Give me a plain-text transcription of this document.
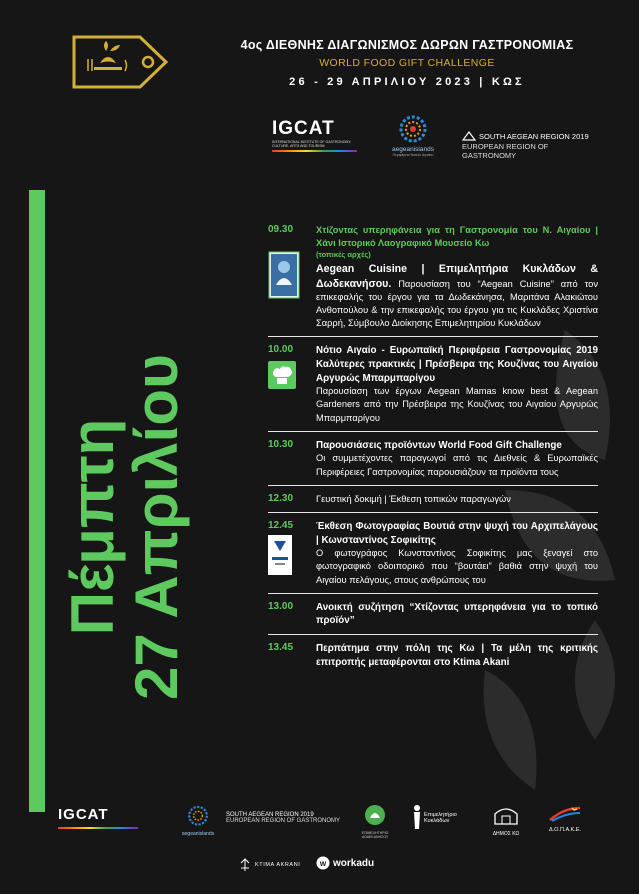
4ος ΔΙΕΘΝΗΣ ΔΙΑΓΩΝΙΣΜΟΣ ΔΩΡΩΝ ΓΑΣΤΡΟΝΟΜΙΑΣ
WORLD FOOD GIFT CHALLENGE
26 - 29 ΑΠΡΙΛΙΟΥ 2023 | ΚΩΣ
IGCAT
INTERNATIONAL INSTITUTE OF GASTRONOMY, CULTURE, ARTS AND TOURISM	aegeanislands
Περιφέρεια Νοτίου Αιγαίου
SOUTH AEGEAN REGION 2019
EUROPEAN REGION OF GASTRONOMY
Πέμπτη
27 Απριλίου
09.30	Χτίζοντας υπερηφάνεια για τη Γαστρονομία του Ν. Αιγαίου | Χάνι Ιστορικό Λαογραφικό Μουσείο Κω
(τοπικές αρχές)
Aegean Cuisine | Επιμελητήρια Κυκλάδων & Δωδεκανήσου. Παρουσίαση του “Aegean Cuisine” από τον επικεφαλής του έργου για τα Δωδεκάνησα, Μαριτάνα Αλακιώτου Ανθοπούλου & την επικεφαλής του έργου για τις Κυκλάδες Χριστίνα Σαρρή, Σύμβουλο Διοίκησης Επιμελητηρίου Κυκλάδων
10.00	Νότιο Αιγαίο - Ευρωπαϊκή Περιφέρεια Γαστρονομίας 2019 Καλύτερες πρακτικές | Πρέσβειρα της Κουζίνας του Αιγαίου Αργυρώς Μπαρμπαρίγου
Παρουσίαση των έργων Aegean Mamas know best & Aegean Gardeners από την Πρέσβειρα της Κουζίνας του Αιγαίου Αργυρώς Μπαρμπαρίγου
10.30	Παρουσιάσεις προϊόντων World Food Gift Challenge
Οι συμμετέχοντες παραγωγοί από τις Διεθνείς & Ευρωπαϊκές Περιφέρειες Γαστρονομίας παρουσιάζουν τα προϊόντα τους
12.30	Γευστική δοκιμή | Έκθεση τοπικών παραγωγών
12.45	Έκθεση Φωτογραφίας Βουτιά στην ψυχή του Αρχιπελάγους | Κωνσταντίνος Σοφικίτης
Ο φωτογράφος Κωνσταντίνος Σοφικίτης μας ξεναγεί στο φωτογραφικό οδοιπορικό που “βουτάει” βαθιά στην ψυχή του Αιγαίου πελάγους, στους ανθρώπους του
13.00	Ανοικτή συζήτηση “Χτίζοντας υπερηφάνεια για το τοπικό προϊόν”
13.45	Περπάτημα στην πόλη της Κω | Τα μέλη της κριτικής επιτροπής μεταφέρονται στο Ktima Akani
IGCAT
aegeanislands
SOUTH AEGEAN REGION 2019
EUROPEAN REGION OF GASTRONOMY
ΕΠΙΜΕΛΗΤΗΡΙΟ ΔΩΔΕΚΑΝΗΣΟΥ
Επιμελητήριο Κυκλάδων
ΔΗΜΟΣ ΚΩ
Δ.Ο.Π.Α.Κ.Ε.
KTIMA AKRANI w workadu
